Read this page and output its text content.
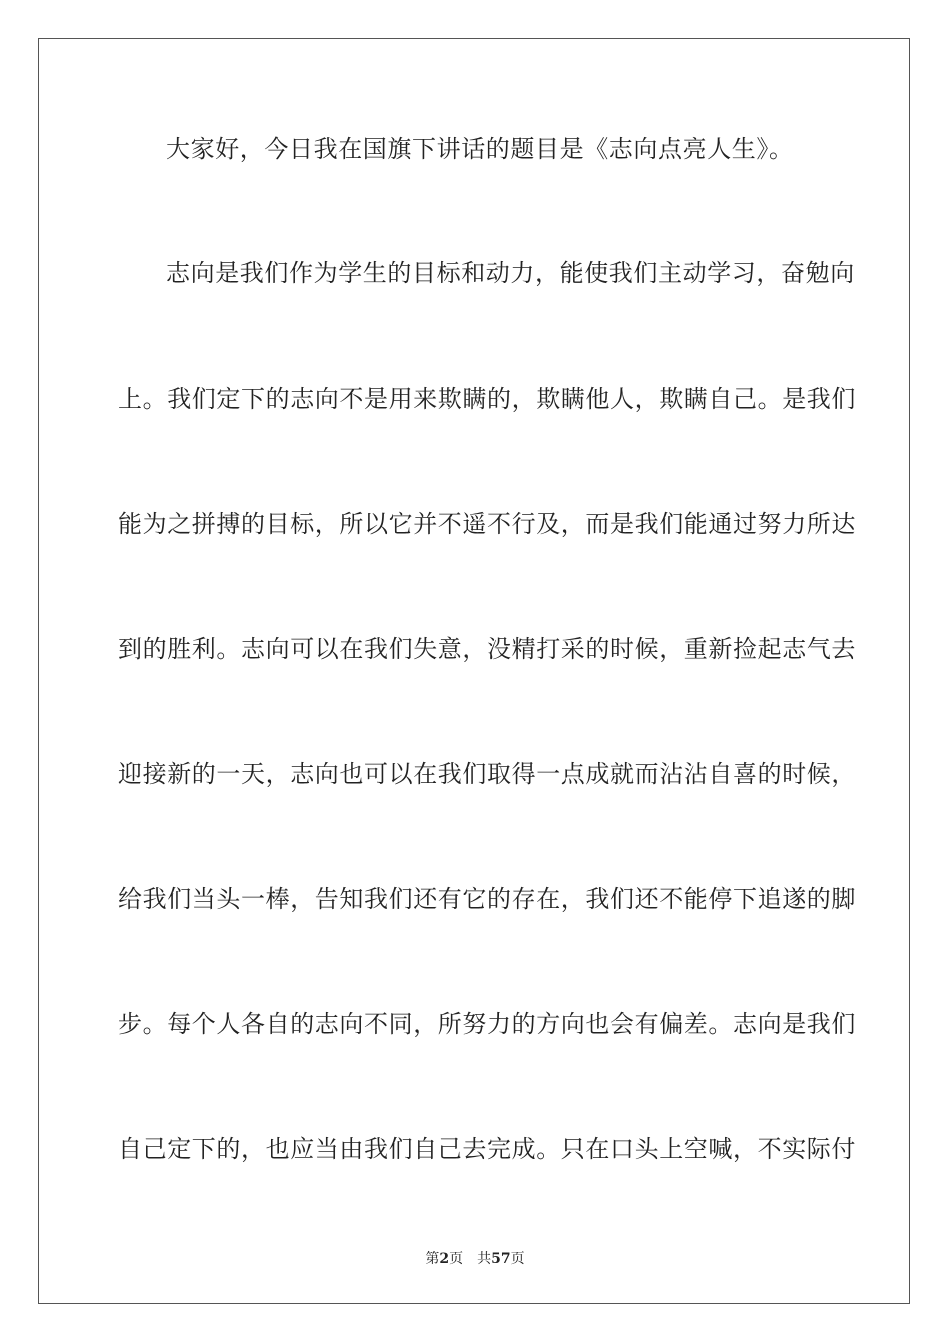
大家好，今日我在国旗下讲话的题目是《志向点亮人生》。
志向是我们作为学生的目标和动力，能使我们主动学习，奋勉向
上。我们定下的志向不是用来欺瞒的，欺瞒他人，欺瞒自己。是我们
能为之拼搏的目标，所以它并不遥不行及，而是我们能通过努力所达
到的胜利。志向可以在我们失意，没精打采的时候，重新捡起志气去
迎接新的一天，志向也可以在我们取得一点成就而沾沾自喜的时候，
给我们当头一棒，告知我们还有它的存在，我们还不能停下追遂的脚
步。每个人各自的志向不同，所努力的方向也会有偏差。志向是我们
自己定下的，也应当由我们自己去完成。只在口头上空喊，不实际付
第2页 共57页
